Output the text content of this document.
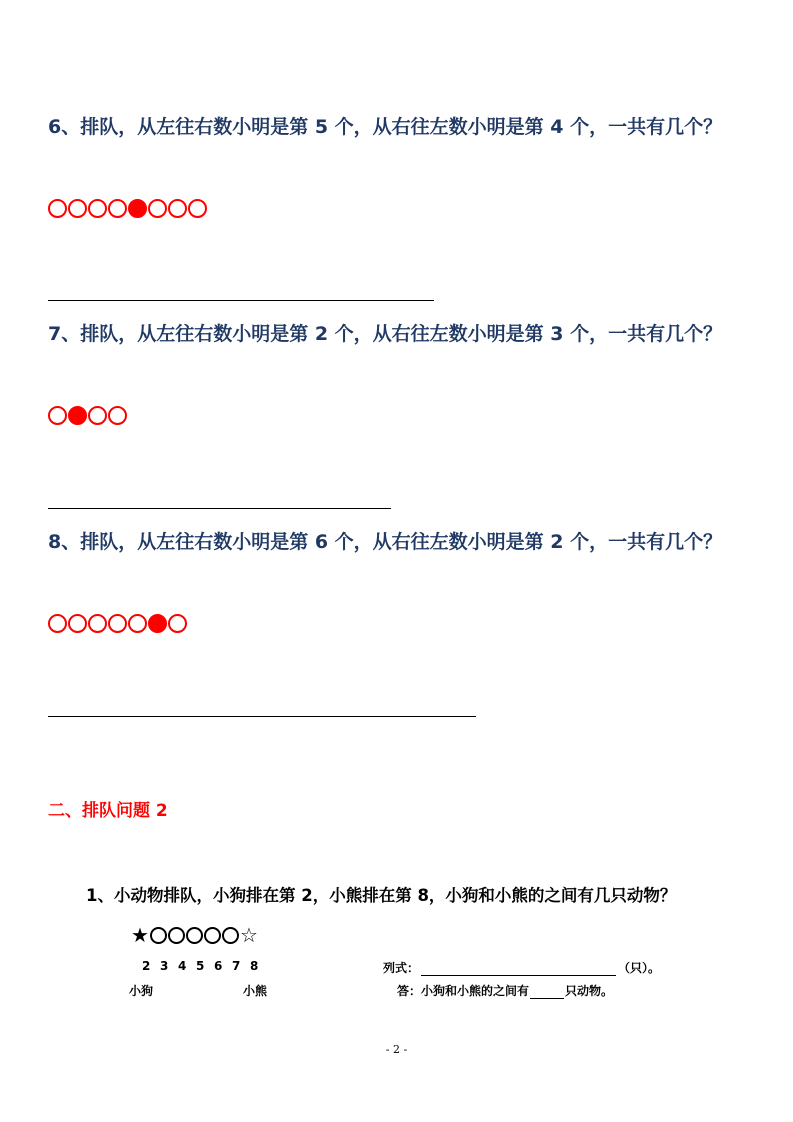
6、排队，从左往右数小明是第 5 个，从右往左数小明是第 4 个，一共有几个？

7、排队，从左往右数小明是第 2 个，从右往左数小明是第 3 个，一共有几个？

8、排队，从左往右数小明是第 6 个，从右往左数小明是第 2 个，一共有几个？

二、排队问题 2

1、小动物排队，小狗排在第 2，小熊排在第 8，小狗和小熊的之间有几只动物？

★	☆
2 3 4 5 6 7 8
小狗	小熊
列式：	（只）。
答：小狗和小熊的之间有	只动物。
- 2 -
